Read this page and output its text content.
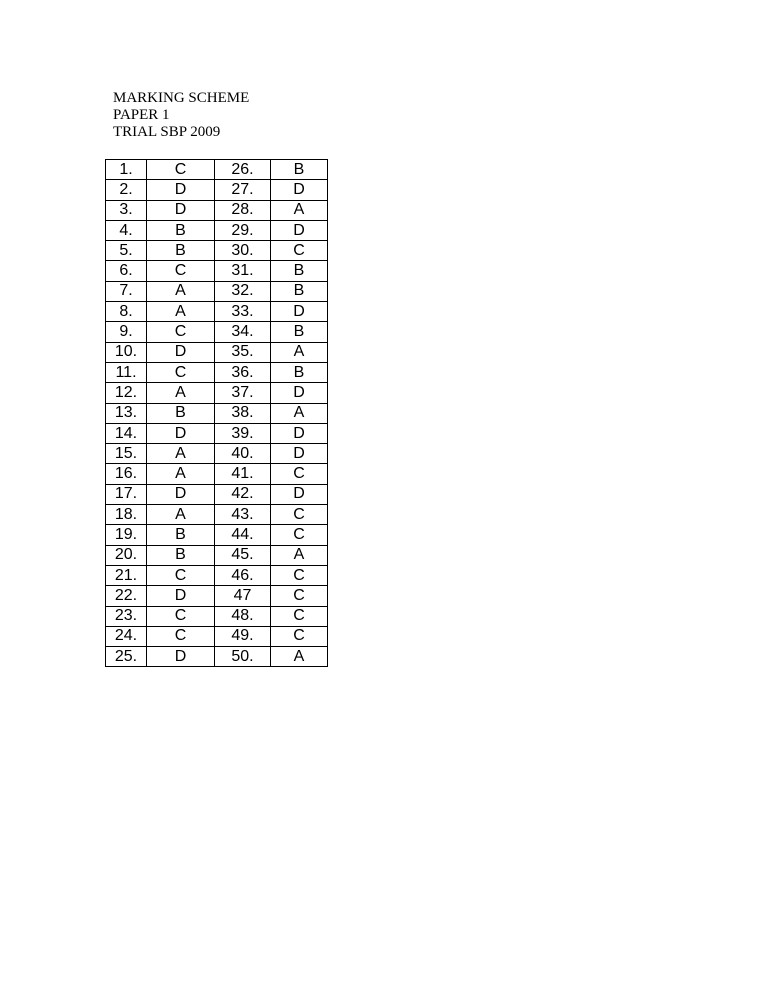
MARKING SCHEME
PAPER 1
TRIAL SBP 2009
1.	C	26.	B
2.	D	27.	D
3.	D	28.	A
4.	B	29.	D
5.	B	30.	C
6.	C	31.	B
7.	A	32.	B
8.	A	33.	D
9.	C	34.	B
10.	D	35.	A
11.	C	36.	B
12.	A	37.	D
13.	B	38.	A
14.	D	39.	D
15.	A	40.	D
16.	A	41.	C
17.	D	42.	D
18.	A	43.	C
19.	B	44.	C
20.	B	45.	A
21.	C	46.	C
22.	D	47	C
23.	C	48.	C
24.	C	49.	C
25.	D	50.	A
